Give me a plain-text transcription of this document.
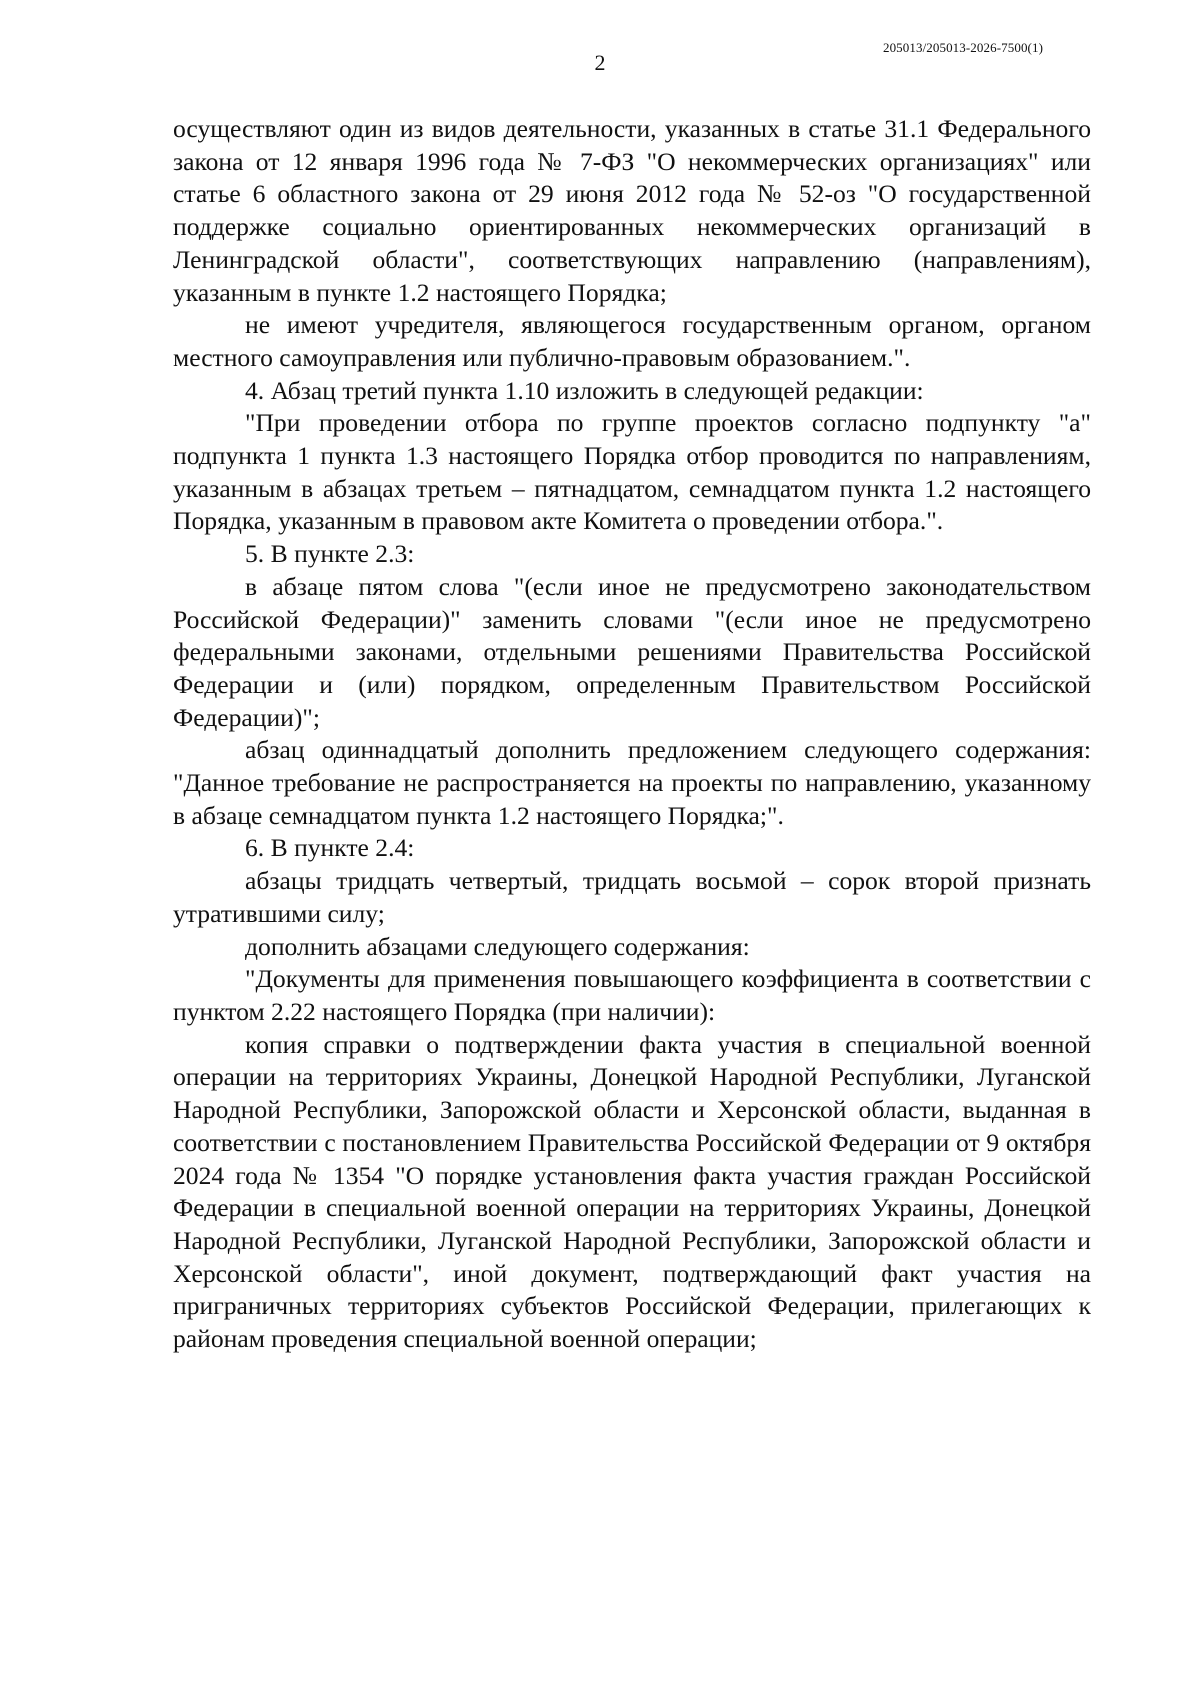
205013/205013-2026-7500(1)
2

осуществляют один из видов деятельности, указанных в статье 31.1 Федерального закона от 12 января 1996 года № 7-ФЗ "О некоммерческих организациях" или статье 6 областного закона от 29 июня 2012 года № 52-оз "О государственной поддержке социально ориентированных некоммерческих организаций в Ленинградской области", соответствующих направлению (направлениям), указанным в пункте 1.2 настоящего Порядка;

не имеют учредителя, являющегося государственным органом, органом местного самоуправления или публично-правовым образованием.".

4. Абзац третий пункта 1.10 изложить в следующей редакции:

"При проведении отбора по группе проектов согласно подпункту "а" подпункта 1 пункта 1.3 настоящего Порядка отбор проводится по направлениям, указанным в абзацах третьем – пятнадцатом, семнадцатом пункта 1.2 настоящего Порядка, указанным в правовом акте Комитета о проведении отбора.".

5. В пункте 2.3:

в абзаце пятом слова "(если иное не предусмотрено законодательством Российской Федерации)" заменить словами "(если иное не предусмотрено федеральными законами, отдельными решениями Правительства Российской Федерации и (или) порядком, определенным Правительством Российской Федерации)";

абзац одиннадцатый дополнить предложением следующего содержания: "Данное требование не распространяется на проекты по направлению, указанному в абзаце семнадцатом пункта 1.2 настоящего Порядка;".

6. В пункте 2.4:

абзацы тридцать четвертый, тридцать восьмой – сорок второй признать утратившими силу;

дополнить абзацами следующего содержания:

"Документы для применения повышающего коэффициента в соответствии с пунктом 2.22 настоящего Порядка (при наличии):

копия справки о подтверждении факта участия в специальной военной операции на территориях Украины, Донецкой Народной Республики, Луганской Народной Республики, Запорожской области и Херсонской области, выданная в соответствии с постановлением Правительства Российской Федерации от 9 октября 2024 года № 1354 "О порядке установления факта участия граждан Российской Федерации в специальной военной операции на территориях Украины, Донецкой Народной Республики, Луганской Народной Республики, Запорожской области и Херсонской области", иной документ, подтверждающий факт участия на приграничных территориях субъектов Российской Федерации, прилегающих к районам проведения специальной военной операции;
